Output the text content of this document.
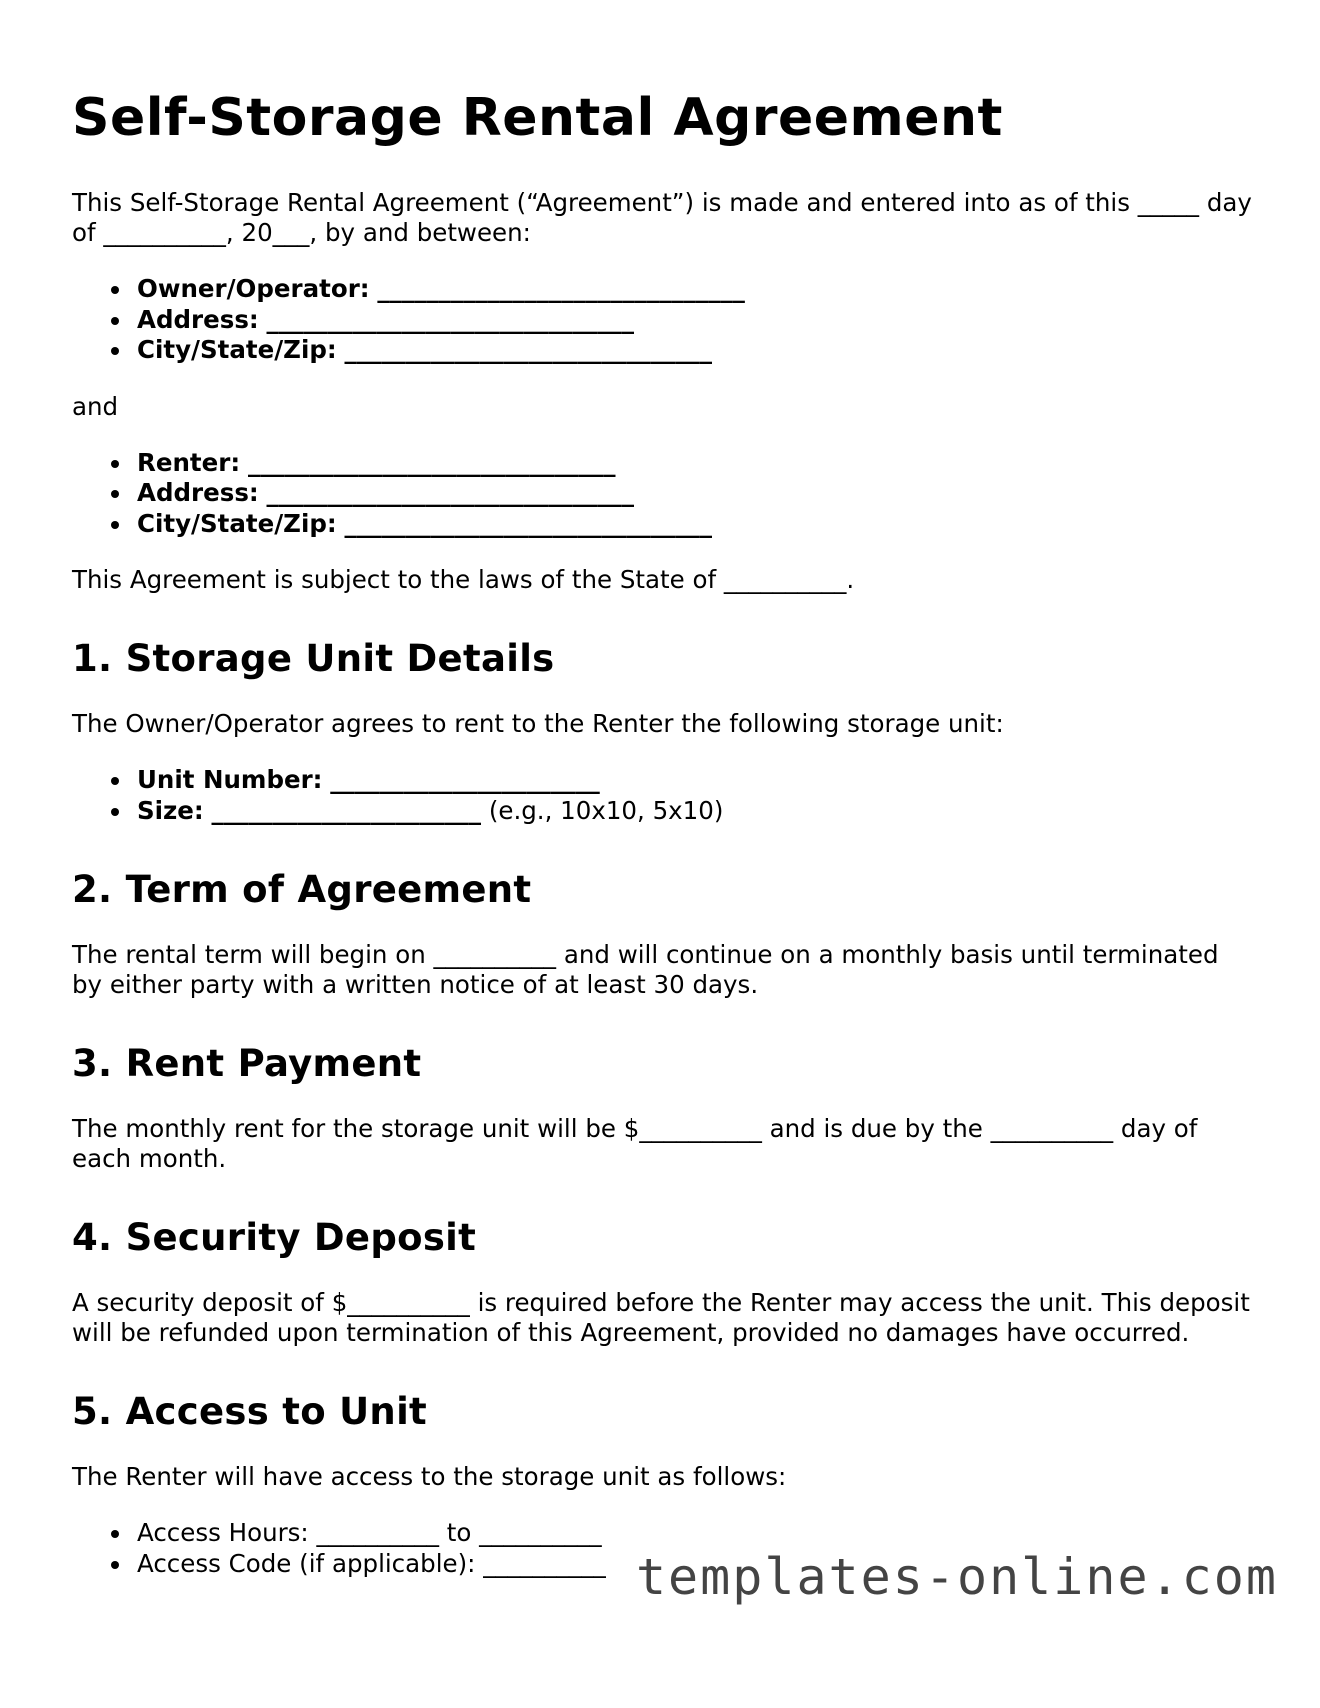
Self-Storage Rental Agreement

This Self-Storage Rental Agreement (“Agreement”) is made and entered into as of this _____ day of __________, 20___, by and between:

Owner/Operator: ______________________________
Address: ______________________________
City/State/Zip: ______________________________

and

Renter: ______________________________
Address: ______________________________
City/State/Zip: ______________________________

This Agreement is subject to the laws of the State of __________.

1. Storage Unit Details

The Owner/Operator agrees to rent to the Renter the following storage unit:

Unit Number: ______________________
Size: ______________________ (e.g., 10x10, 5x10)
2. Term of Agreement

The rental term will begin on __________ and will continue on a monthly basis until terminated by either party with a written notice of at least 30 days.

3. Rent Payment

The monthly rent for the storage unit will be $__________ and is due by the __________ day of each month.

4. Security Deposit

A security deposit of $__________ is required before the Renter may access the unit. This deposit will be refunded upon termination of this Agreement, provided no damages have occurred.

5. Access to Unit

The Renter will have access to the storage unit as follows:

Access Hours: __________ to __________
Access Code (if applicable): __________ templates-online.com
